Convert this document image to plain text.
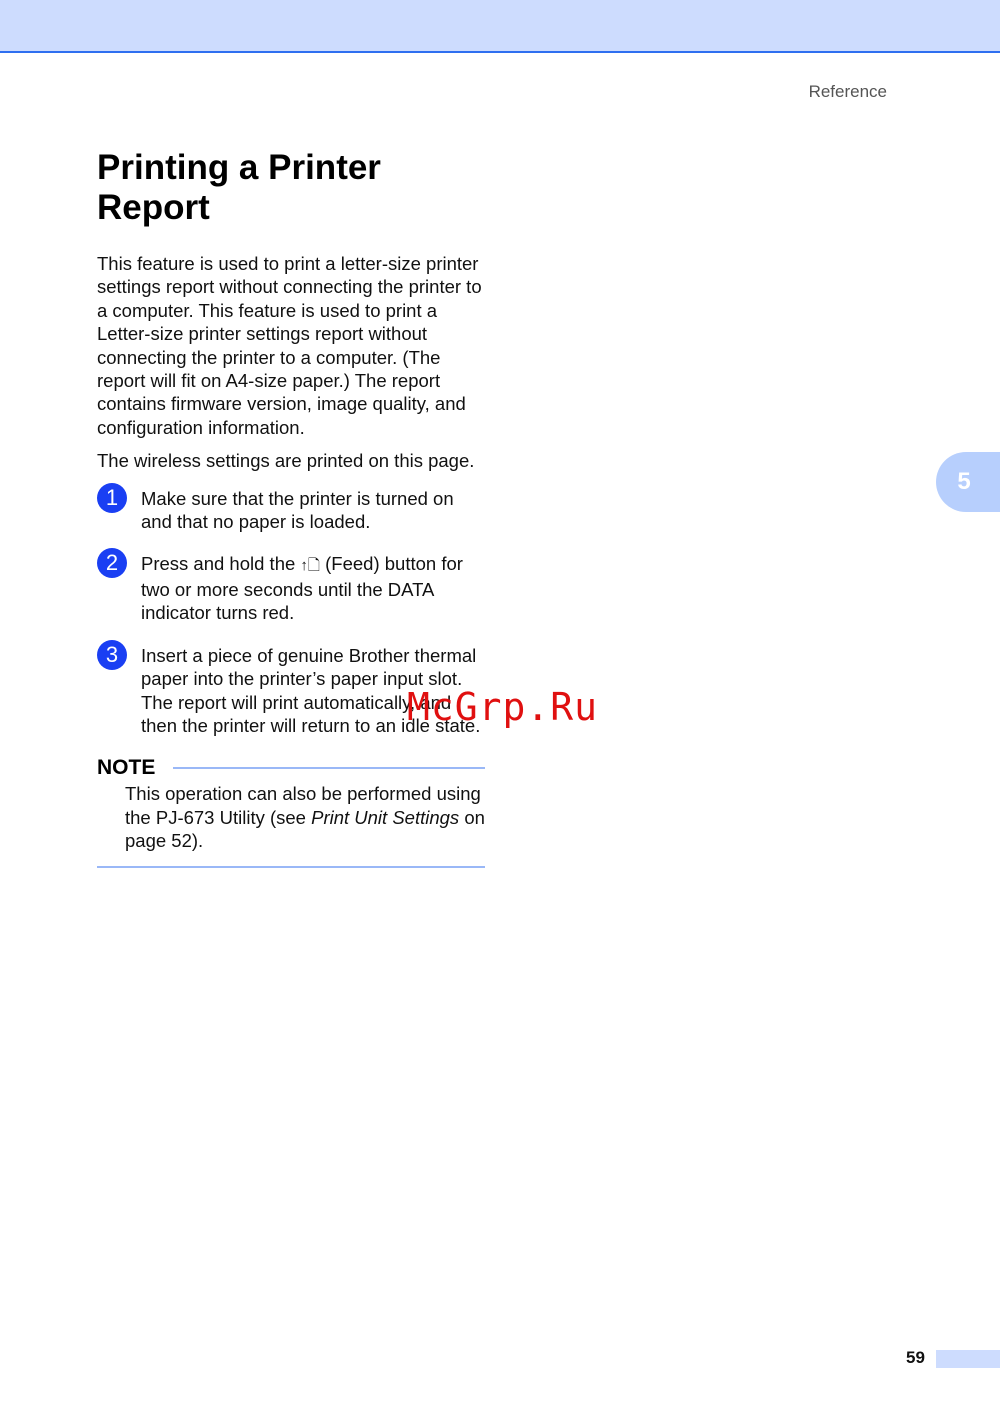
Reference
5
Printing a Printer Report

This feature is used to print a letter-size printer settings report without connecting the printer to a computer. This feature is used to print a Letter-size printer settings report without connecting the printer to a computer. (The report will fit on A4-size paper.) The report contains firmware version, image quality, and configuration information.

The wireless settings are printed on this page.

1	Make sure that the printer is turned on and that no paper is loaded.
2	Press and hold the ↑🗋 (Feed) button for two or more seconds until the DATA indicator turns red.
3	Insert a piece of genuine Brother thermal paper into the printer’s paper input slot. The report will print automatically, and then the printer will return to an idle state.
NOTE
This operation can also be performed using the PJ-673 Utility (see Print Unit Settings on page 52).
McGrp.Ru
59
